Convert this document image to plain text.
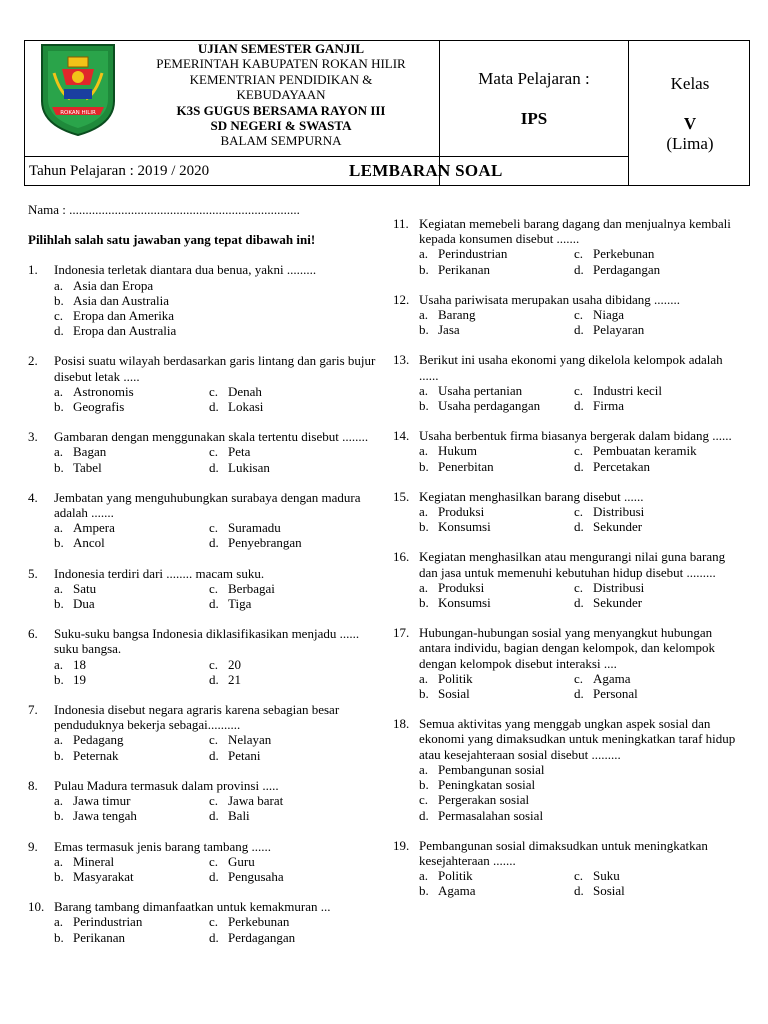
ROKAN HILIR
UJIAN SEMESTER GANJIL
PEMERINTAH KABUPATEN ROKAN HILIR
KEMENTRIAN PENDIDIKAN &
KEBUDAYAAN
K3S GUGUS BERSAMA RAYON III
SD NEGERI & SWASTA
BALAM SEMPURNA
Mata Pelajaran :
IPS
Kelas
V
(Lima)
Tahun Pelajaran : 2019 / 2020	LEMBARAN SOAL
Nama : .......................................................................
Pilihlah salah satu jawaban yang tepat dibawah ini!
1. Indonesia terletak diantara dua benua, yakni .........
a. Asia dan Eropa
b. Asia dan Australia
c. Eropa dan Amerika
d. Eropa dan Australia
2. Posisi suatu wilayah berdasarkan garis lintang dan garis bujur disebut letak .....
a. Astronomis	c. Denah
b. Geografis	d. Lokasi
3. Gambaran dengan menggunakan skala tertentu disebut ........
a. Bagan	c. Peta
b. Tabel	d. Lukisan
4. Jembatan yang menguhubungkan surabaya dengan madura adalah .......
a. Ampera	c. Suramadu
b. Ancol	d. Penyebrangan
5. Indonesia terdiri dari ........ macam suku.
a. Satu	c. Berbagai
b. Dua	d. Tiga
6. Suku-suku bangsa Indonesia diklasifikasikan menjadu ...... suku bangsa.
a. 18	c. 20
b. 19	d. 21
7. Indonesia disebut negara agraris karena sebagian besar penduduknya bekerja sebagai..........
a. Pedagang	c. Nelayan
b. Peternak	d. Petani
8. Pulau Madura termasuk dalam provinsi .....
a. Jawa timur	c. Jawa barat
b. Jawa tengah	d. Bali
9. Emas termasuk jenis barang tambang ......
a. Mineral	c. Guru
b. Masyarakat	d. Pengusaha
10. Barang tambang dimanfaatkan untuk kemakmuran ...
a. Perindustrian	c. Perkebunan
b. Perikanan	d. Perdagangan
11. Kegiatan memebeli barang dagang dan menjualnya kembali kepada konsumen disebut .......
a. Perindustrian	c. Perkebunan
b. Perikanan	d. Perdagangan
12. Usaha pariwisata merupakan usaha dibidang ........
a. Barang	c. Niaga
b. Jasa	d. Pelayaran
13. Berikut ini usaha ekonomi yang dikelola kelompok adalah ......
a. Usaha pertanian	c. Industri kecil
b. Usaha perdagangan	d. Firma
14. Usaha berbentuk firma biasanya bergerak dalam bidang ......
a. Hukum	c. Pembuatan keramik
b. Penerbitan	d. Percetakan
15. Kegiatan menghasilkan barang disebut ......
a. Produksi	c. Distribusi
b. Konsumsi	d. Sekunder
16. Kegiatan menghasilkan atau mengurangi nilai guna barang dan jasa untuk memenuhi kebutuhan hidup disebut .........
a. Produksi	c. Distribusi
b. Konsumsi	d. Sekunder
17. Hubungan-hubungan sosial yang menyangkut hubungan antara individu, bagian dengan kelompok, dan kelompok dengan kelompok disebut interaksi ....
a. Politik	c. Agama
b. Sosial	d. Personal
18. Semua aktivitas yang menggab ungkan aspek sosial dan ekonomi yang dimaksudkan untuk meningkatkan taraf hidup atau kesejahteraan sosial disebut .........
a. Pembangunan sosial
b. Peningkatan sosial
c. Pergerakan sosial
d. Permasalahan sosial
19. Pembangunan sosial dimaksudkan untuk meningkatkan kesejahteraan .......
a. Politik	c. Suku
b. Agama	d. Sosial
